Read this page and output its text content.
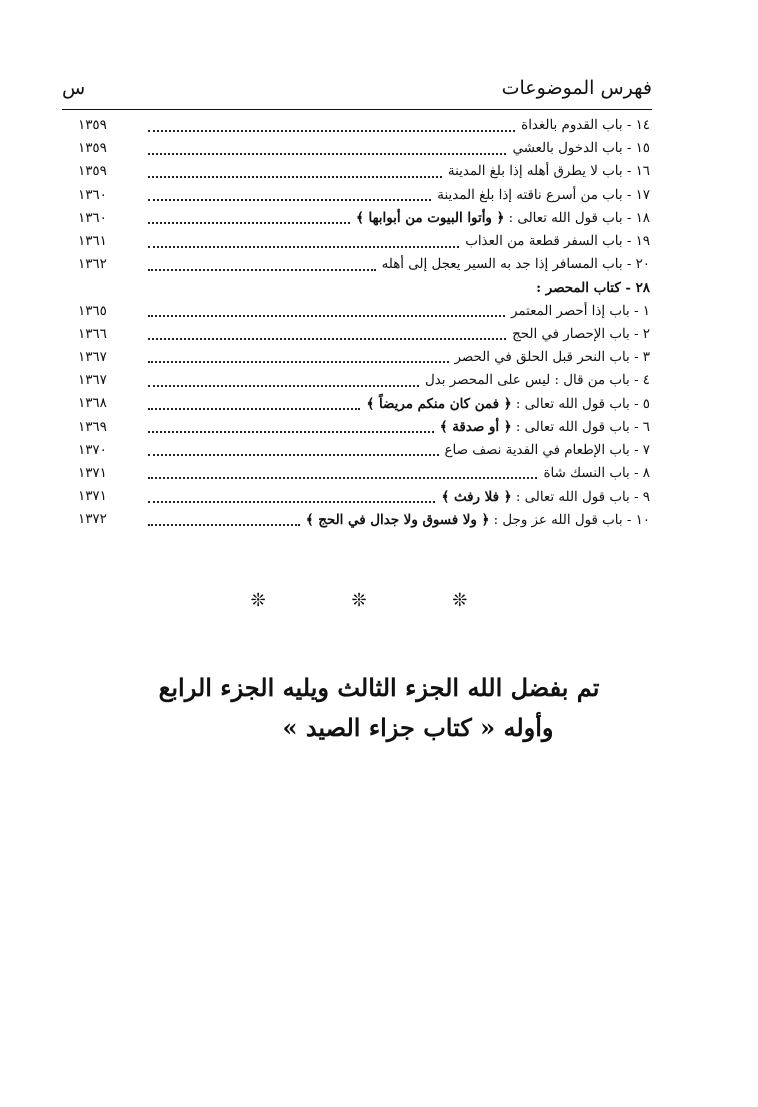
فهرس الموضوعات
س
١٤ - باب القدوم بالغداة
١٣٥٩
١٥ - باب الدخول بالعشي
١٣٥٩
١٦ - باب لا يطرق أهله إذا بلغ المدينة
١٣٥٩
١٧ - باب من أسرع ناقته إذا بلغ المدينة
١٣٦٠
١٨ - باب قول الله تعالى : ﴿ وأتوا البيوت من أبوابها ﴾
١٣٦٠
١٩ - باب السفر قطعة من العذاب
١٣٦١
٢٠ - باب المسافر إذا جد به السير يعجل إلى أهله
١٣٦٢
٢٨ - كتاب المحصر :
١ - باب إذا أحصر المعتمر
١٣٦٥
٢ - باب الإحصار في الحج
١٣٦٦
٣ - باب النحر قبل الحلق في الحصر
١٣٦٧
٤ - باب من قال : ليس على المحصر بدل
١٣٦٧
٥ - باب قول الله تعالى : ﴿ فمن كان منكم مريضاً ﴾
١٣٦٨
٦ - باب قول الله تعالى : ﴿ أو صدقة ﴾
١٣٦٩
٧ - باب الإطعام في الفدية نصف صاع
١٣٧٠
٨ - باب النسك شاة
١٣٧١
٩ - باب قول الله تعالى : ﴿ فلا رفث ﴾
١٣٧١
١٠ - باب قول الله عز وجل : ﴿ ولا فسوق ولا جدال في الحج ﴾
١٣٧٢
❊ ❊ ❊
تم بفضل الله الجزء الثالث ويليه الجزء الرابع
وأوله « كتاب جزاء الصيد »
